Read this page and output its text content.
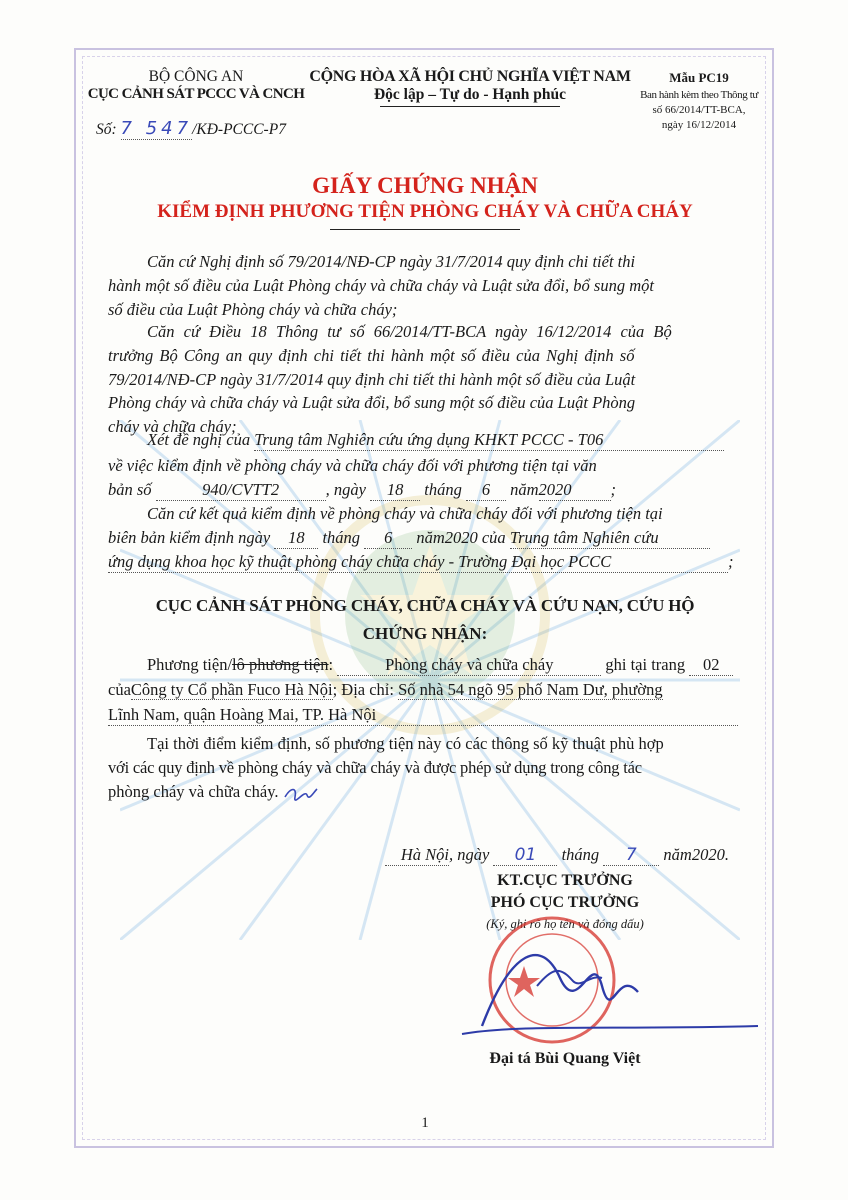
BỘ CÔNG AN
CỤC CẢNH SÁT PCCC VÀ CNCH
Số: 7 547/KĐ-PCCC-P7
CỘNG HÒA XÃ HỘI CHỦ NGHĨA VIỆT NAM
Độc lập – Tự do - Hạnh phúc
Mẫu PC19
Ban hành kèm theo Thông tư
số 66/2014/TT-BCA,
ngày 16/12/2014
GIẤY CHỨNG NHẬN
KIỂM ĐỊNH PHƯƠNG TIỆN PHÒNG CHÁY VÀ CHỮA CHÁY
Căn cứ Nghị định số 79/2014/NĐ-CP ngày 31/7/2014 quy định chi tiết thi
hành một số điều của Luật Phòng cháy và chữa cháy và Luật sửa đổi, bổ sung một
số điều của Luật Phòng cháy và chữa cháy;
Căn cứ Điều 18 Thông tư số 66/2014/TT-BCA ngày 16/12/2014 của Bộ
trưởng Bộ Công an quy định chi tiết thi hành một số điều của Nghị định số
79/2014/NĐ-CP ngày 31/7/2014 quy định chi tiết thi hành một số điều của Luật
Phòng cháy và chữa cháy và Luật sửa đổi, bổ sung một số điều của Luật Phòng
cháy và chữa cháy;
Xét đề nghị của Trung tâm Nghiên cứu ứng dụng KHKT PCCC - T06
về việc kiểm định về phòng cháy và chữa cháy đối với phương tiện tại văn
bản số	940/CVTT2	, ngày 18 tháng 6 năm2020 ;
Căn cứ kết quả kiểm định về phòng cháy và chữa cháy đối với phương tiện tại
biên bản kiểm định ngày 18 tháng 6 năm2020 của Trung tâm Nghiên cứu
ứng dụng khoa học kỹ thuật phòng cháy chữa cháy - Trường Đại học PCCC	;
CỤC CẢNH SÁT PHÒNG CHÁY, CHỮA CHÁY VÀ CỨU NẠN, CỨU HỘ
CHỨNG NHẬN:
Phương tiện/lô phương tiện:	Phòng cháy và chữa cháy	ghi tại trang 02
củaCông ty Cổ phần Fuco Hà Nội; Địa chỉ: Số nhà 54 ngõ 95 phố Nam Dư, phường
Lĩnh Nam, quận Hoàng Mai, TP. Hà Nội
Tại thời điểm kiểm định, số phương tiện này có các thông số kỹ thuật phù hợp
với các quy định về phòng cháy và chữa cháy và được phép sử dụng trong công tác
phòng cháy và chữa cháy.
Hà Nội, ngày 01 tháng 7 năm2020.
KT.CỤC TRƯỞNG
PHÓ CỤC TRƯỞNG
(Ký, ghi rõ họ tên và đóng dấu)
Đại tá Bùi Quang Việt
1
